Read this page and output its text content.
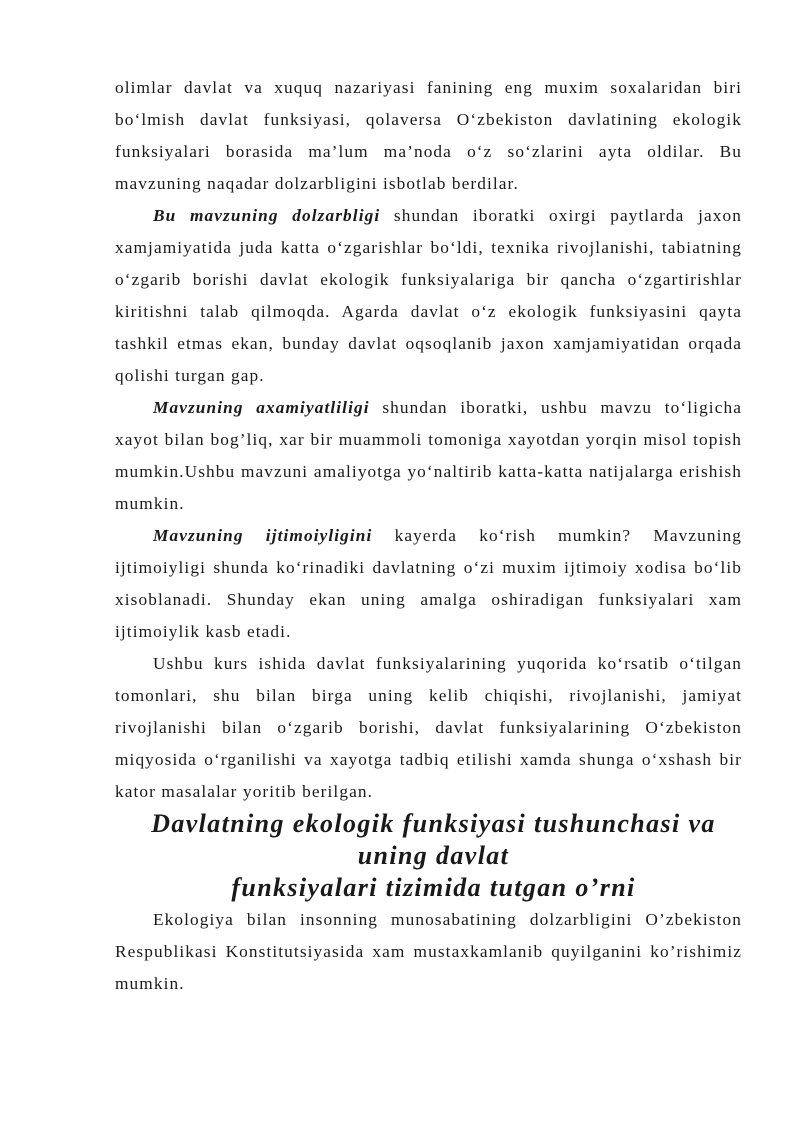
olimlar davlat va xuquq nazariyasi fanining eng muxim soxalaridan biri bo‘lmish davlat funksiyasi, qolaversa O‘zbekiston davlatining ekologik funksiyalari borasida ma’lum ma’noda o‘z so‘zlarini ayta oldilar. Bu mavzuning naqadar dolzarbligini isbotlab berdilar.

Bu mavzuning dolzarbligi shundan iboratki oxirgi paytlarda jaxon xamjamiyatida juda katta o‘zgarishlar bo‘ldi, texnika rivojlanishi, tabiatning o‘zgarib borishi davlat ekologik funksiyalariga bir qancha o‘zgartirishlar kiritishni talab qilmoqda. Agarda davlat o‘z ekologik funksiyasini qayta tashkil etmas ekan, bunday davlat oqsoqlanib jaxon xamjamiyatidan orqada qolishi turgan gap.

Mavzuning axamiyatliligi shundan iboratki, ushbu mavzu to‘ligicha xayot bilan bog’liq, xar bir muammoli tomoniga xayotdan yorqin misol topish mumkin.Ushbu mavzuni amaliyotga yo‘naltirib katta-katta natijalarga erishish mumkin.

Mavzuning ijtimoiyligini kayerda ko‘rish mumkin? Mavzuning ijtimoiyligi shunda ko‘rinadiki davlatning o‘zi muxim ijtimoiy xodisa bo‘lib xisoblanadi. Shunday ekan uning amalga oshiradigan funksiyalari xam ijtimoiylik kasb etadi.

Ushbu kurs ishida davlat funksiyalarining yuqorida ko‘rsatib o‘tilgan tomonlari, shu bilan birga uning kelib chiqishi, rivojlanishi, jamiyat rivojlanishi bilan o‘zgarib borishi, davlat funksiyalarining O‘zbekiston miqyosida o‘rganilishi va xayotga tadbiq etilishi xamda shunga o‘xshash bir kator masalalar yoritib berilgan.

Davlatning ekologik funksiyasi tushunchasi va uning davlat
funksiyalari tizimida tutgan o’rni

Ekologiya bilan insonning munosabatining dolzarbligini O’zbekiston Respublikasi Konstitutsiyasida xam mustaxkamlanib quyilganini ko’rishimiz mumkin.
